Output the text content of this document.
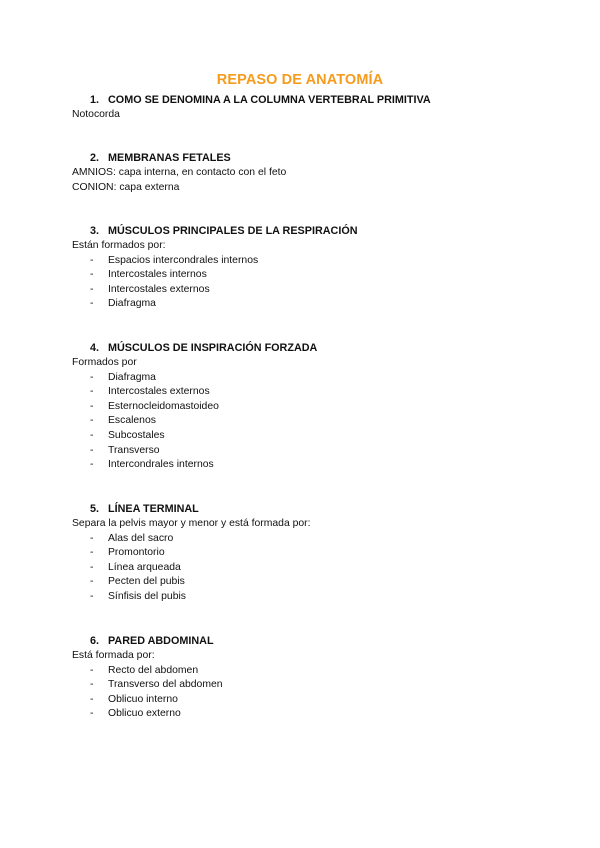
REPASO DE ANATOMÍA
1. COMO SE DENOMINA A LA COLUMNA VERTEBRAL PRIMITIVA
Notocorda
2. MEMBRANAS FETALES
AMNIOS: capa interna, en contacto con el feto
CONION: capa externa
3. MÚSCULOS PRINCIPALES DE LA RESPIRACIÓN
Están formados por:
- Espacios intercondrales internos
- Intercostales internos
- Intercostales externos
- Diafragma
4. MÚSCULOS DE INSPIRACIÓN FORZADA
Formados por
- Diafragma
- Intercostales externos
- Esternocleidomastoideo
- Escalenos
- Subcostales
- Transverso
- Intercondrales internos
5. LÍNEA TERMINAL
Separa la pelvis mayor y menor y está formada por:
- Alas del sacro
- Promontorio
- Línea arqueada
- Pecten del pubis
- Sínfisis del pubis
6. PARED ABDOMINAL
Está formada por:
- Recto del abdomen
- Transverso del abdomen
- Oblicuo interno
- Oblicuo externo
